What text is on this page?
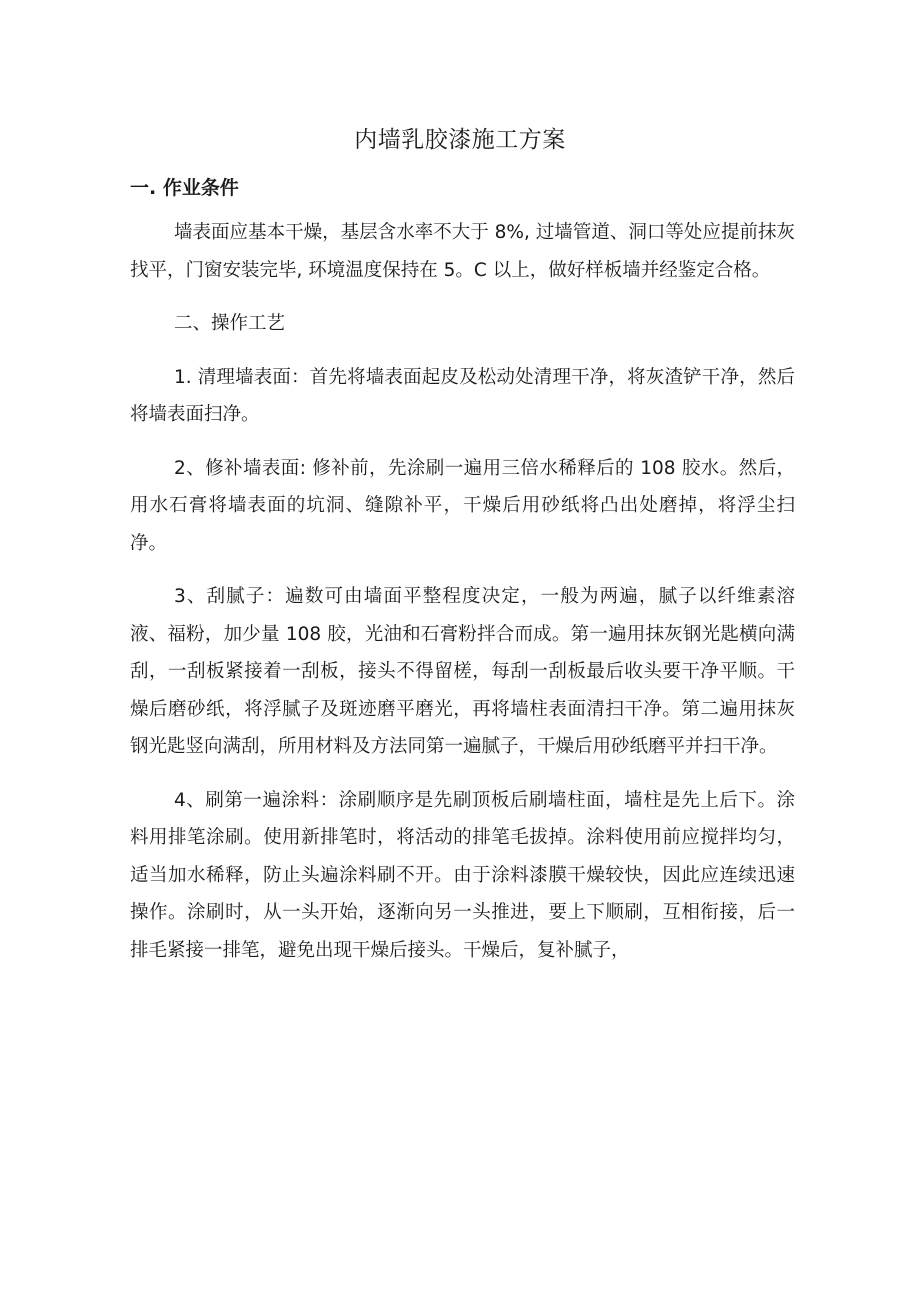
内墙乳胶漆施工方案
一. 作业条件

墙表面应基本干燥，基层含水率不大于 8%, 过墙管道、洞口等处应提前抹灰找平，门窗安装完毕, 环境温度保持在 5。C 以上，做好样板墙并经鉴定合格。

二、操作工艺

1. 清理墙表面：首先将墙表面起皮及松动处清理干净，将灰渣铲干净，然后将墙表面扫净。

2、修补墙表面: 修补前，先涂刷一遍用三倍水稀释后的 108 胶水。然后，用水石膏将墙表面的坑洞、缝隙补平，干燥后用砂纸将凸出处磨掉，将浮尘扫净。

3、刮腻子：遍数可由墙面平整程度决定，一般为两遍，腻子以纤维素溶液、福粉，加少量 108 胶，光油和石膏粉拌合而成。第一遍用抹灰钢光匙横向满刮，一刮板紧接着一刮板，接头不得留槎，每刮一刮板最后收头要干净平顺。干燥后磨砂纸，将浮腻子及斑迹磨平磨光，再将墙柱表面清扫干净。第二遍用抹灰钢光匙竖向满刮，所用材料及方法同第一遍腻子，干燥后用砂纸磨平并扫干净。

4、刷第一遍涂料：涂刷顺序是先刷顶板后刷墙柱面，墙柱是先上后下。涂料用排笔涂刷。使用新排笔时，将活动的排笔毛拔掉。涂料使用前应搅拌均匀，适当加水稀释，防止头遍涂料刷不开。由于涂料漆膜干燥较快，因此应连续迅速操作。涂刷时，从一头开始，逐渐向另一头推进，要上下顺刷，互相衔接，后一排毛紧接一排笔，避免出现干燥后接头。干燥后，复补腻子，
